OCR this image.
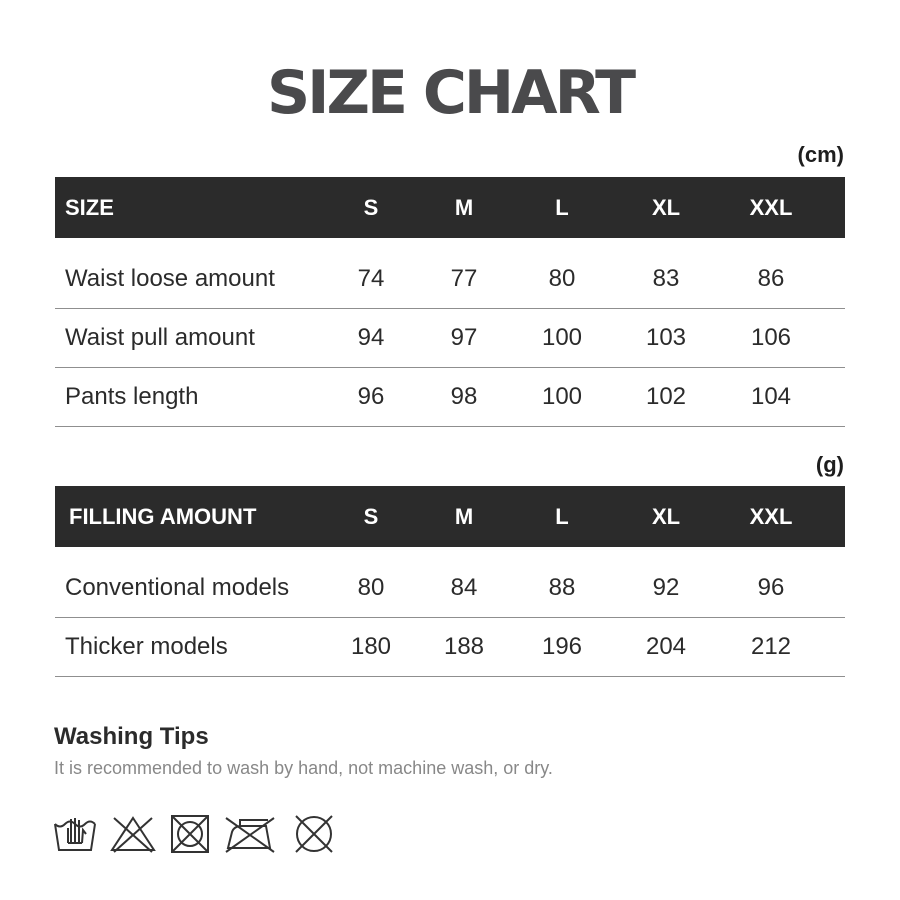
SIZE CHART
(cm)
SIZE	S	M	L	XL	XXL
Waist loose amount	74	77	80	83	86
Waist pull amount	94	97	100	103	106
Pants length	96	98	100	102	104
(g)
FILLING AMOUNT	S	M	L	XL	XXL
Conventional models	80	84	88	92	96
Thicker models	180	188	196	204	212
Washing Tips
It is recommended to wash by hand, not machine wash, or dry.
